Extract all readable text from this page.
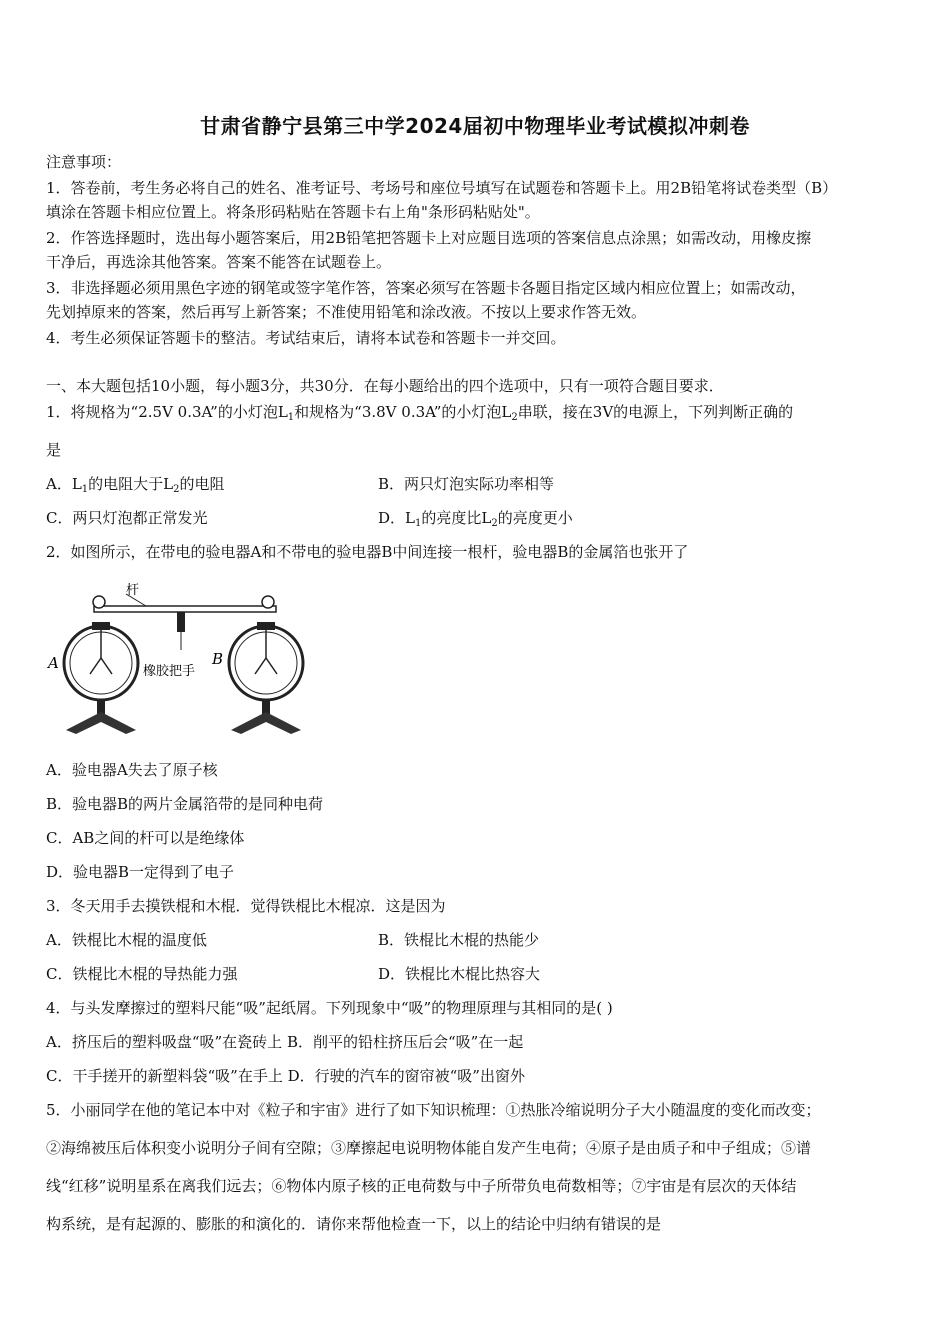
甘肃省静宁县第三中学2024届初中物理毕业考试模拟冲刺卷
注意事项：
1．答卷前，考生务必将自己的姓名、准考证号、考场号和座位号填写在试题卷和答题卡上。用2B铅笔将试卷类型（B）
填涂在答题卡相应位置上。将条形码粘贴在答题卡右上角"条形码粘贴处"。
2．作答选择题时，选出每小题答案后，用2B铅笔把答题卡上对应题目选项的答案信息点涂黑；如需改动，用橡皮擦
干净后，再选涂其他答案。答案不能答在试题卷上。
3．非选择题必须用黑色字迹的钢笔或签字笔作答，答案必须写在答题卡各题目指定区域内相应位置上；如需改动，
先划掉原来的答案，然后再写上新答案；不准使用铅笔和涂改液。不按以上要求作答无效。
4．考生必须保证答题卡的整洁。考试结束后，请将本试卷和答题卡一并交回。
一、本大题包括10小题，每小题3分，共30分．在每小题给出的四个选项中，只有一项符合题目要求．
1．将规格为“2.5V 0.3A”的小灯泡$L_1$和规格为“3.8V 0.3A”的小灯泡$L_2$串联，接在3V的电源上，下列判断正确的
是
A．$L_1$的电阻大于$L_2$的电阻	B．两只灯泡实际功率相等
C．两只灯泡都正常发光	D．$L_1$的亮度比$L_2$的亮度更小
2．如图所示，在带电的验电器A和不带电的验电器B中间连接一根杆，验电器B的金属箔也张开了
杆
橡胶把手
A	B
A．验电器A失去了原子核
B．验电器B的两片金属箔带的是同种电荷
C．AB之间的杆可以是绝缘体
D．验电器B一定得到了电子
3．冬天用手去摸铁棍和木棍．觉得铁棍比木棍凉．这是因为
A．铁棍比木棍的温度低	B．铁棍比木棍的热能少
C．铁棍比木棍的导热能力强	D．铁棍比木棍比热容大
4．与头发摩擦过的塑料尺能“吸”起纸屑。下列现象中“吸”的物理原理与其相同的是( )
A．挤压后的塑料吸盘“吸”在瓷砖上 B．削平的铅柱挤压后会“吸”在一起
C．干手搓开的新塑料袋“吸”在手上 D．行驶的汽车的窗帘被“吸”出窗外
5．小丽同学在他的笔记本中对《粒子和宇宙》进行了如下知识梳理：①热胀冷缩说明分子大小随温度的变化而改变；
②海绵被压后体积变小说明分子间有空隙；③摩擦起电说明物体能自发产生电荷；④原子是由质子和中子组成；⑤谱
线“红移”说明星系在离我们远去；⑥物体内原子核的正电荷数与中子所带负电荷数相等；⑦宇宙是有层次的天体结
构系统，是有起源的、膨胀的和演化的．请你来帮他检查一下，以上的结论中归纳有错误的是
